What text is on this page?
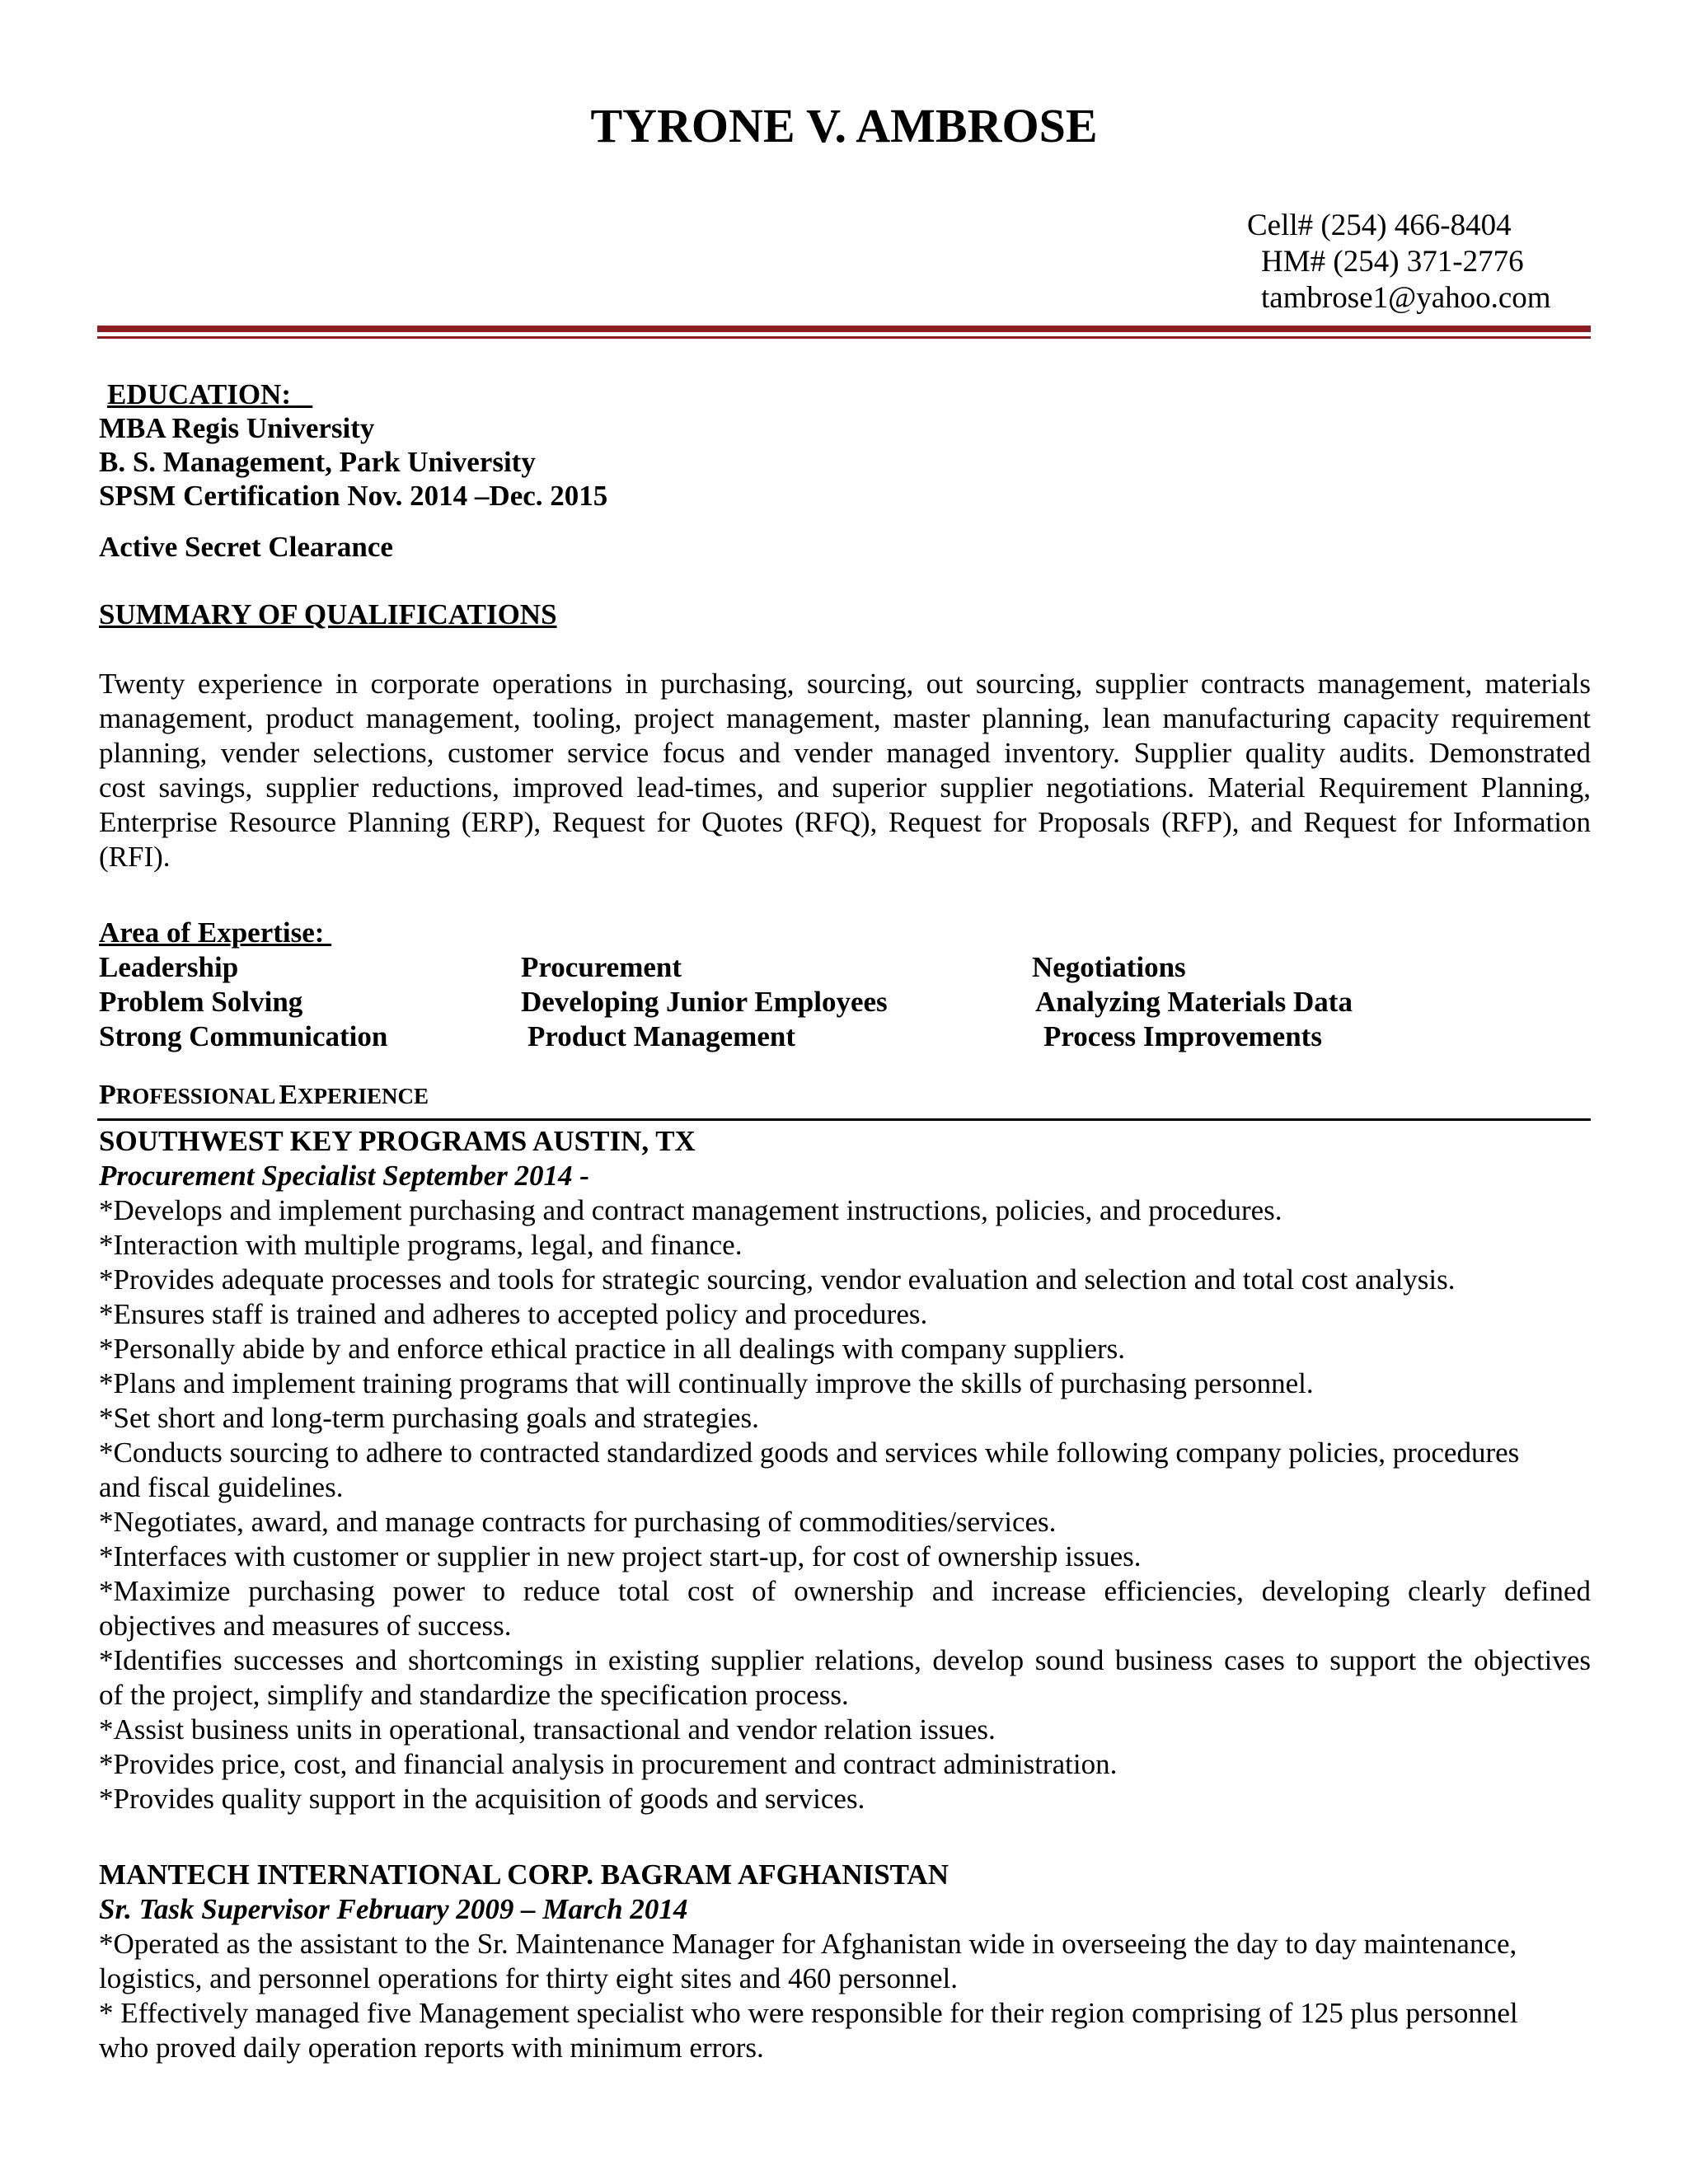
TYRONE V. AMBROSE
Cell# (254) 466-8404
HM# (254) 371-2776
tambrose1@yahoo.com
EDUCATION:
MBA Regis University
B. S. Management, Park University
SPSM Certification Nov. 2014 –Dec. 2015
Active Secret Clearance
SUMMARY OF QUALIFICATIONS
Twenty experience in corporate operations in purchasing, sourcing, out sourcing, supplier contracts management, materials
management, product management, tooling, project management, master planning, lean manufacturing capacity requirement
planning, vender selections, customer service focus and vender managed inventory. Supplier quality audits. Demonstrated
cost savings, supplier reductions, improved lead-times, and superior supplier negotiations. Material Requirement Planning,
Enterprise Resource Planning (ERP), Request for Quotes (RFQ), Request for Proposals (RFP), and Request for Information
(RFI).
Area of Expertise:
Leadership
Problem Solving
Strong Communication
Procurement
Developing Junior Employees
Product Management
Negotiations
Analyzing Materials Data
Process Improvements
PROFESSIONAL EXPERIENCE
SOUTHWEST KEY PROGRAMS AUSTIN, TX
Procurement Specialist September 2014 -
*Develops and implement purchasing and contract management instructions, policies, and procedures.
*Interaction with multiple programs, legal, and finance.
*Provides adequate processes and tools for strategic sourcing, vendor evaluation and selection and total cost analysis.
*Ensures staff is trained and adheres to accepted policy and procedures.
*Personally abide by and enforce ethical practice in all dealings with company suppliers.
*Plans and implement training programs that will continually improve the skills of purchasing personnel.
*Set short and long-term purchasing goals and strategies.
*Conducts sourcing to adhere to contracted standardized goods and services while following company policies, procedures
and fiscal guidelines.
*Negotiates, award, and manage contracts for purchasing of commodities/services.
*Interfaces with customer or supplier in new project start-up, for cost of ownership issues.
*Maximize purchasing power to reduce total cost of ownership and increase efficiencies, developing clearly defined
objectives and measures of success.
*Identifies successes and shortcomings in existing supplier relations, develop sound business cases to support the objectives
of the project, simplify and standardize the specification process.
*Assist business units in operational, transactional and vendor relation issues.
*Provides price, cost, and financial analysis in procurement and contract administration.
*Provides quality support in the acquisition of goods and services.
MANTECH INTERNATIONAL CORP. BAGRAM AFGHANISTAN
Sr. Task Supervisor February 2009 – March 2014
*Operated as the assistant to the Sr. Maintenance Manager for Afghanistan wide in overseeing the day to day maintenance,
logistics, and personnel operations for thirty eight sites and 460 personnel.
* Effectively managed five Management specialist who were responsible for their region comprising of 125 plus personnel
who proved daily operation reports with minimum errors.
